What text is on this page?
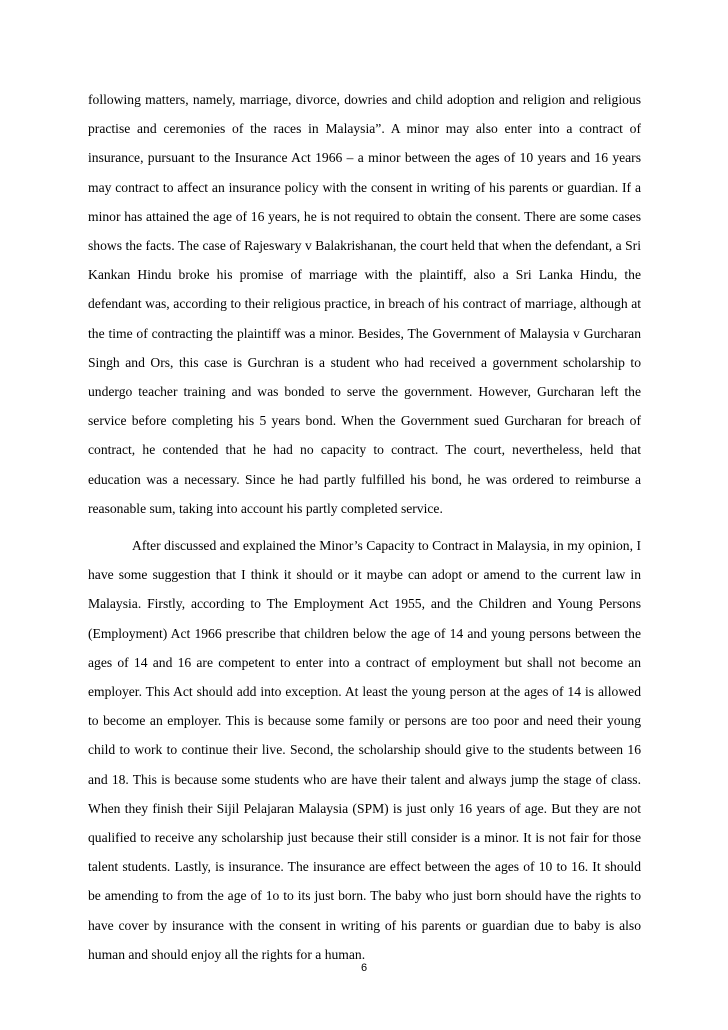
following matters, namely, marriage, divorce, dowries and child adoption and religion and religious practise and ceremonies of the races in Malaysia”. A minor may also enter into a contract of insurance, pursuant to the Insurance Act 1966 – a minor between the ages of 10 years and 16 years may contract to affect an insurance policy with the consent in writing of his parents or guardian. If a minor has attained the age of 16 years, he is not required to obtain the consent. There are some cases shows the facts. The case of Rajeswary v Balakrishanan, the court held that when the defendant, a Sri Kankan Hindu broke his promise of marriage with the plaintiff, also a Sri Lanka Hindu, the defendant was, according to their religious practice, in breach of his contract of marriage, although at the time of contracting the plaintiff was a minor. Besides, The Government of Malaysia v Gurcharan Singh and Ors, this case is Gurchran is a student who had received a government scholarship to undergo teacher training and was bonded to serve the government. However, Gurcharan left the service before completing his 5 years bond. When the Government sued Gurcharan for breach of contract, he contended that he had no capacity to contract. The court, nevertheless, held that education was a necessary. Since he had partly fulfilled his bond, he was ordered to reimburse a reasonable sum, taking into account his partly completed service.

After discussed and explained the Minor’s Capacity to Contract in Malaysia, in my opinion, I have some suggestion that I think it should or it maybe can adopt or amend to the current law in Malaysia. Firstly, according to The Employment Act 1955, and the Children and Young Persons (Employment) Act 1966 prescribe that children below the age of 14 and young persons between the ages of 14 and 16 are competent to enter into a contract of employment but shall not become an employer. This Act should add into exception. At least the young person at the ages of 14 is allowed to become an employer. This is because some family or persons are too poor and need their young child to work to continue their live. Second, the scholarship should give to the students between 16 and 18. This is because some students who are have their talent and always jump the stage of class. When they finish their Sijil Pelajaran Malaysia (SPM) is just only 16 years of age. But they are not qualified to receive any scholarship just because their still consider is a minor. It is not fair for those talent students. Lastly, is insurance. The insurance are effect between the ages of 10 to 16. It should be amending to from the age of 1o to its just born. The baby who just born should have the rights to have cover by insurance with the consent in writing of his parents or guardian due to baby is also human and should enjoy all the rights for a human.

6
